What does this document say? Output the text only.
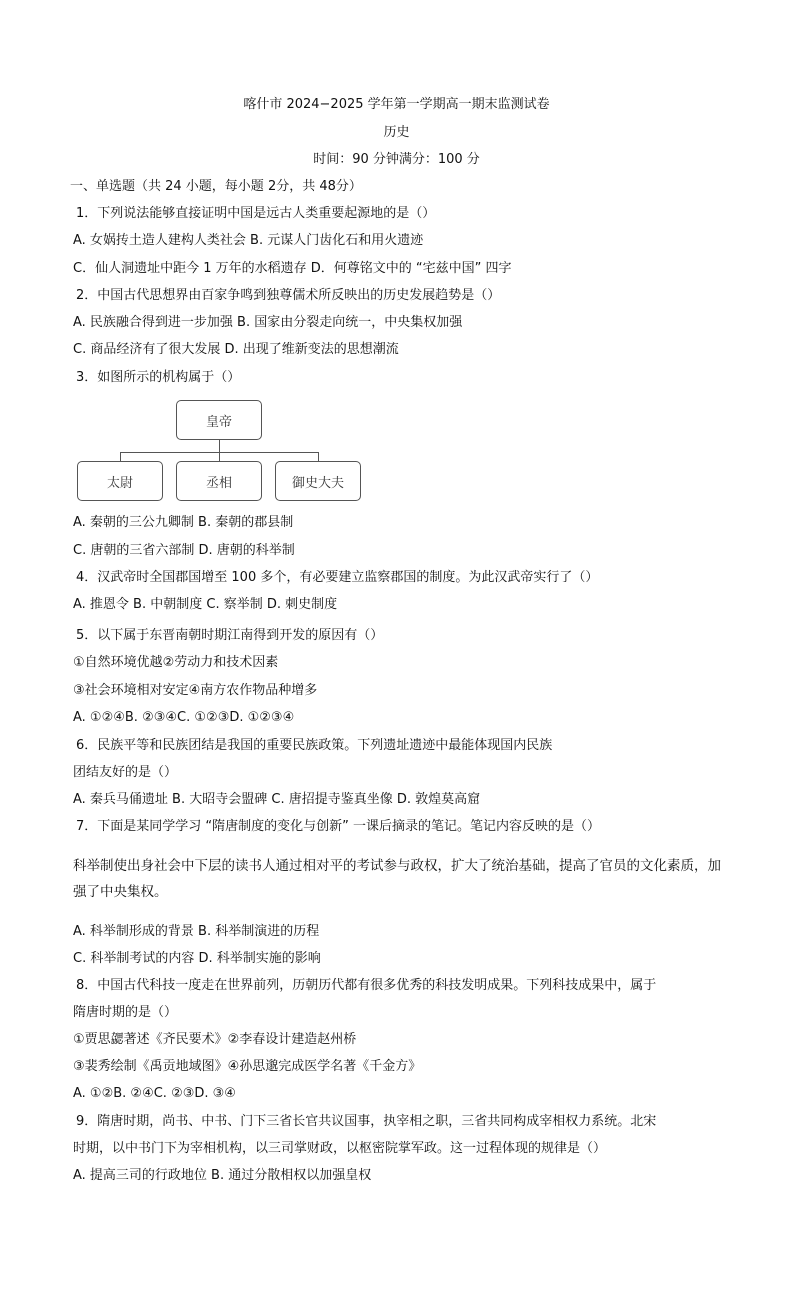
喀什市 2024−2025 学年第一学期高一期末监测试卷
历史
时间：90 分钟满分：100 分
一、单选题（共 24 小题，每小题 2分，共 48分）
1．下列说法能够直接证明中国是远古人类重要起源地的是（）
A. 女娲抟土造人建构人类社会 B. 元谋人门齿化石和用火遗迹
C．仙人洞遗址中距今 1 万年的水稻遗存 D．何尊铭文中的 “宅兹中国” 四字
2．中国古代思想界由百家争鸣到独尊儒术所反映出的历史发展趋势是（）
A. 民族融合得到进一步加强 B. 国家由分裂走向统一，中央集权加强
C. 商品经济有了很大发展 D. 出现了维新变法的思想潮流
3．如图所示的机构属于（）
皇帝
太尉	丞相	御史大夫
A. 秦朝的三公九卿制 B. 秦朝的郡县制
C. 唐朝的三省六部制 D. 唐朝的科举制
4．汉武帝时全国郡国增至 100 多个，有必要建立监察郡国的制度。为此汉武帝实行了（）
A. 推恩令 B. 中朝制度 C. 察举制 D. 刺史制度
5．以下属于东晋南朝时期江南得到开发的原因有（）
①自然环境优越②劳动力和技术因素
③社会环境相对安定④南方农作物品种增多
A. ①②④B. ②③④C. ①②③D. ①②③④
6．民族平等和民族团结是我国的重要民族政策。下列遗址遗迹中最能体现国内民族
团结友好的是（）
A. 秦兵马俑遗址 B. 大昭寺会盟碑 C. 唐招提寺鉴真坐像 D. 敦煌莫高窟
7．下面是某同学学习 “隋唐制度的变化与创新” 一课后摘录的笔记。笔记内容反映的是（）
科举制使出身社会中下层的读书人通过相对平的考试参与政权，扩大了统治基础，提高了官员的文化素质，加强了中央集权。
A. 科举制形成的背景 B. 科举制演进的历程
C. 科举制考试的内容 D. 科举制实施的影响
8．中国古代科技一度走在世界前列，历朝历代都有很多优秀的科技发明成果。下列科技成果中，属于
隋唐时期的是（）
①贾思勰著述《齐民要术》②李春设计建造赵州桥
③裴秀绘制《禹贡地域图》④孙思邈完成医学名著《千金方》
A. ①②B. ②④C. ②③D. ③④
9．隋唐时期，尚书、中书、门下三省长官共议国事，执宰相之职，三省共同构成宰相权力系统。北宋
时期，以中书门下为宰相机构，以三司掌财政，以枢密院掌军政。这一过程体现的规律是（）
A. 提高三司的行政地位 B. 通过分散相权以加强皇权
